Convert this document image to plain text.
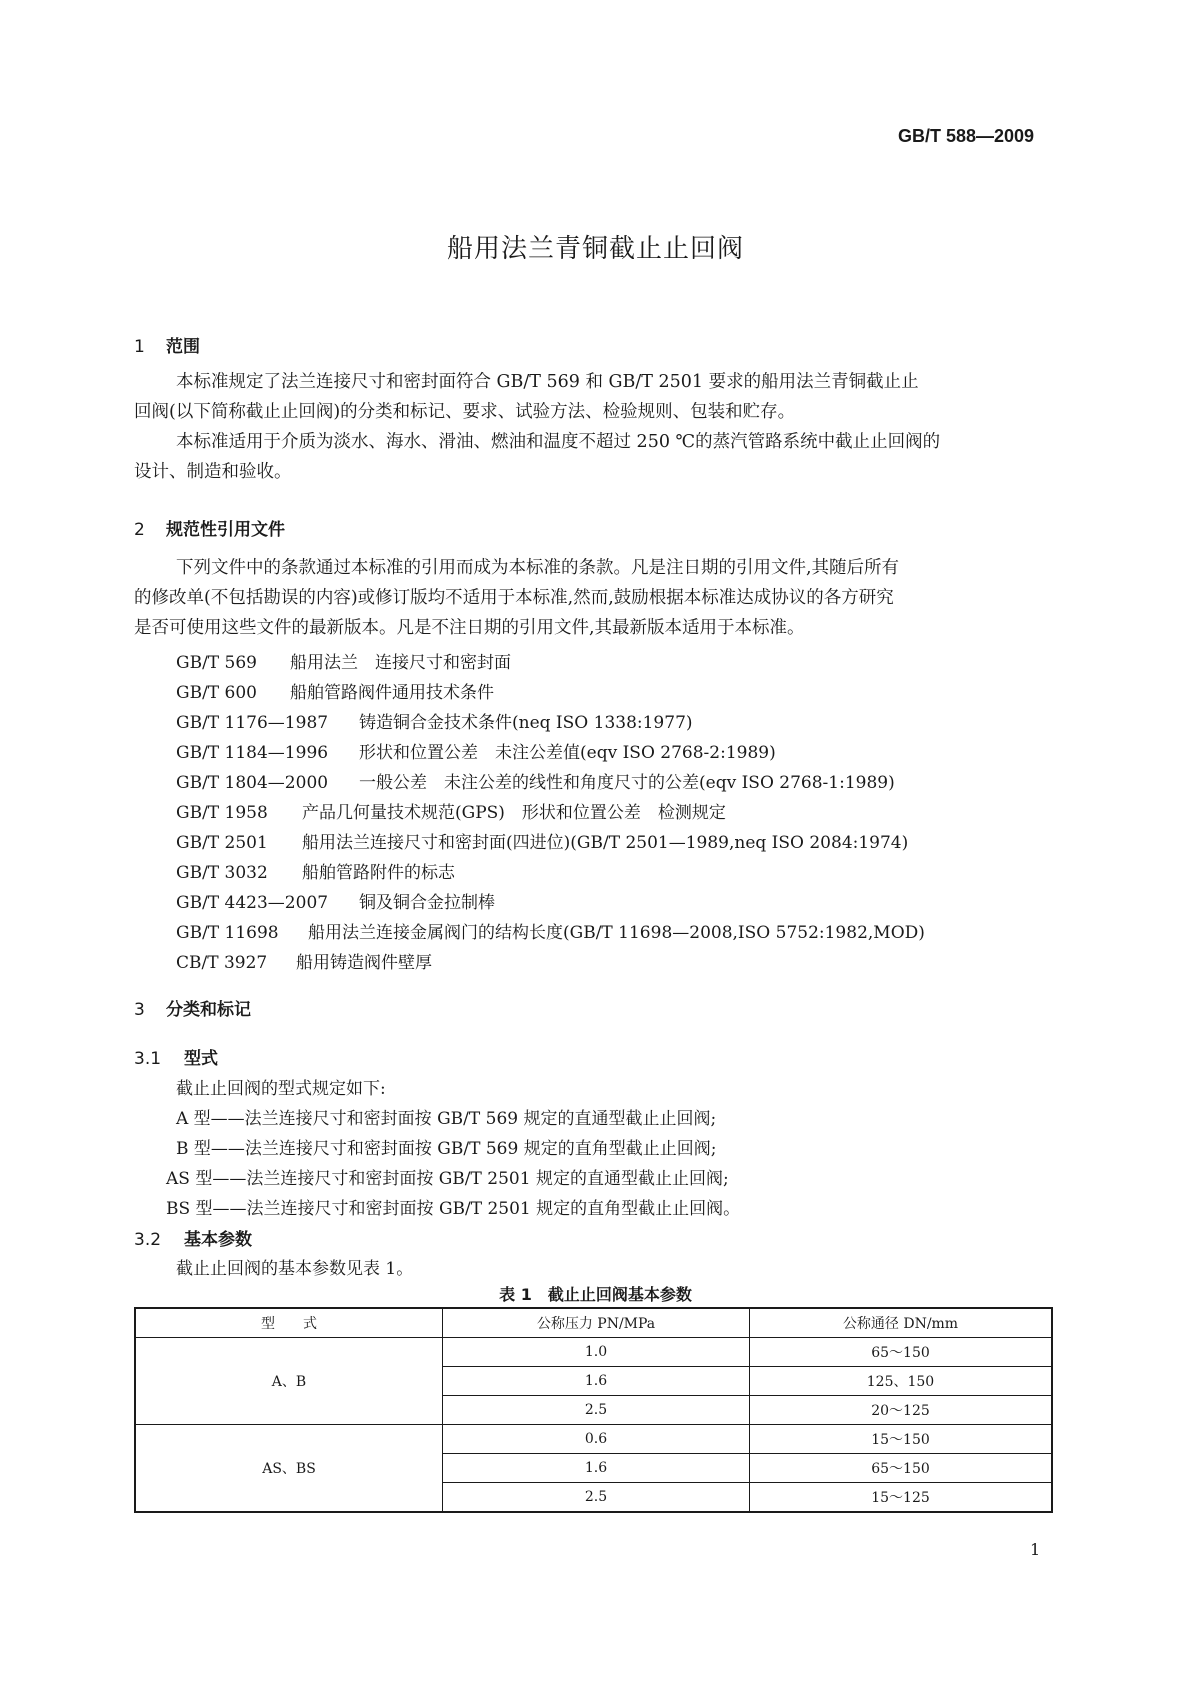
GB/T 588—2009
船用法兰青铜截止止回阀
1 范围
本标准规定了法兰连接尺寸和密封面符合 GB/T 569 和 GB/T 2501 要求的船用法兰青铜截止止
回阀(以下简称截止止回阀)的分类和标记、要求、试验方法、检验规则、包装和贮存。
本标准适用于介质为淡水、海水、滑油、燃油和温度不超过 250 ℃的蒸汽管路系统中截止止回阀的
设计、制造和验收。
2 规范性引用文件
下列文件中的条款通过本标准的引用而成为本标准的条款。凡是注日期的引用文件,其随后所有
的修改单(不包括勘误的内容)或修订版均不适用于本标准,然而,鼓励根据本标准达成协议的各方研究
是否可使用这些文件的最新版本。凡是不注日期的引用文件,其最新版本适用于本标准。
GB/T 569 船用法兰　连接尺寸和密封面
GB/T 600 船舶管路阀件通用技术条件
GB/T 1176—1987 铸造铜合金技术条件(neq ISO 1338:1977)
GB/T 1184—1996 形状和位置公差　未注公差值(eqv ISO 2768-2:1989)
GB/T 1804—2000 一般公差　未注公差的线性和角度尺寸的公差(eqv ISO 2768-1:1989)
GB/T 1958 产品几何量技术规范(GPS)　形状和位置公差　检测规定
GB/T 2501 船用法兰连接尺寸和密封面(四进位)(GB/T 2501—1989,neq ISO 2084:1974)
GB/T 3032 船舶管路附件的标志
GB/T 4423—2007 铜及铜合金拉制棒
GB/T 11698 船用法兰连接金属阀门的结构长度(GB/T 11698—2008,ISO 5752:1982,MOD)
CB/T 3927 船用铸造阀件壁厚
3 分类和标记
3.1 型式
截止止回阀的型式规定如下:
A 型——法兰连接尺寸和密封面按 GB/T 569 规定的直通型截止止回阀;
B 型——法兰连接尺寸和密封面按 GB/T 569 规定的直角型截止止回阀;
AS 型——法兰连接尺寸和密封面按 GB/T 2501 规定的直通型截止止回阀;
BS 型——法兰连接尺寸和密封面按 GB/T 2501 规定的直角型截止止回阀。
3.2 基本参数
截止止回阀的基本参数见表 1。
表 1　截止止回阀基本参数
型　　式	公称压力 PN/MPa	公称通径 DN/mm
A、B	1.0	65～150
	1.6	125、150
	2.5	20～125
AS、BS	0.6	15～150
	1.6	65～150
	2.5	15～125
1
